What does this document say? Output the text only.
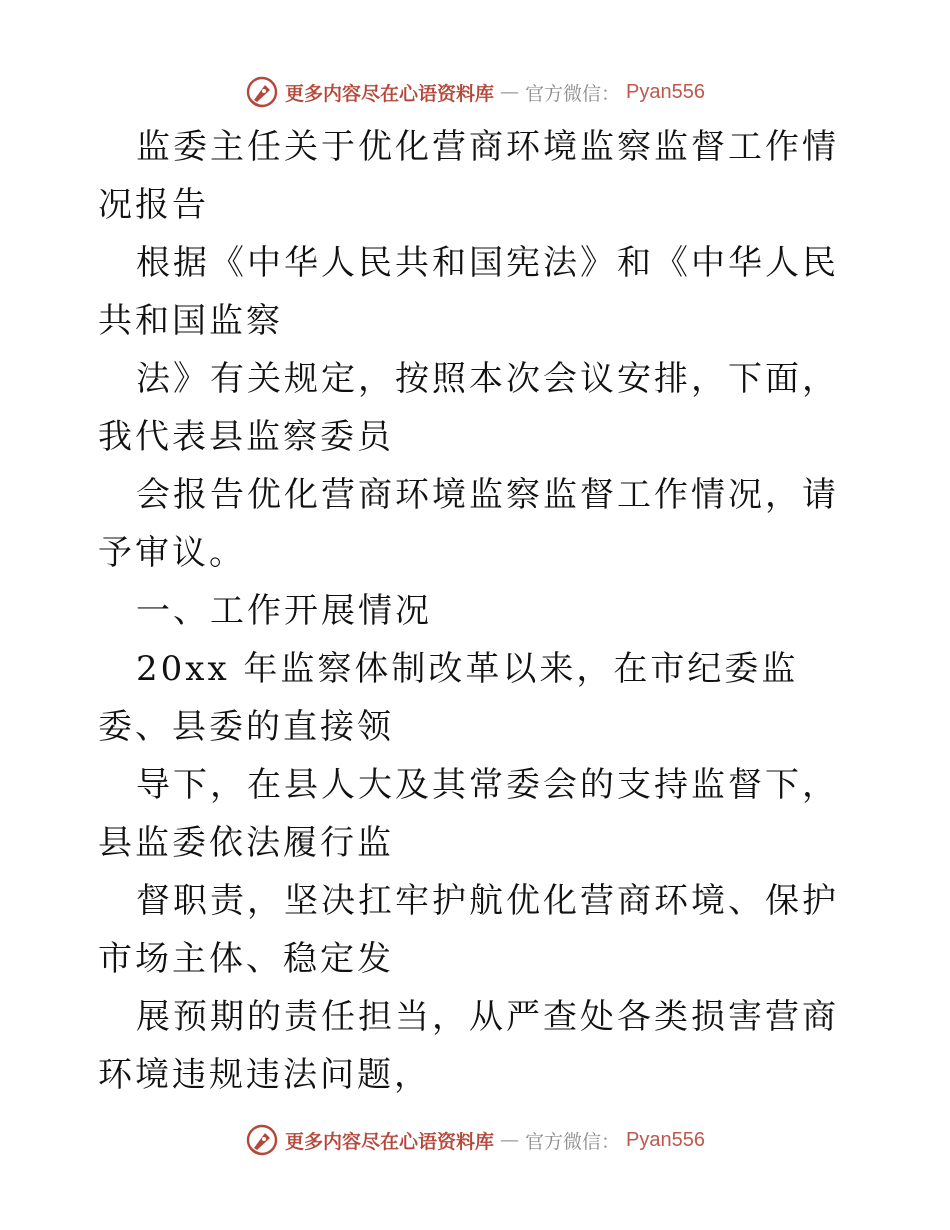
更多内容尽在心语资料库 — 官方微信： Pyan556

监委主任关于优化营商环境监察监督工作情况报告

根据《中华人民共和国宪法》和《中华人民共和国监察

法》有关规定，按照本次会议安排，下面，我代表县监察委员

会报告优化营商环境监察监督工作情况，请予审议。

一、工作开展情况

20xx 年监察体制改革以来，在市纪委监委、县委的直接领

导下，在县人大及其常委会的支持监督下，县监委依法履行监

督职责，坚决扛牢护航优化营商环境、保护市场主体、稳定发

展预期的责任担当，从严查处各类损害营商环境违规违法问题，

更多内容尽在心语资料库 — 官方微信： Pyan556
